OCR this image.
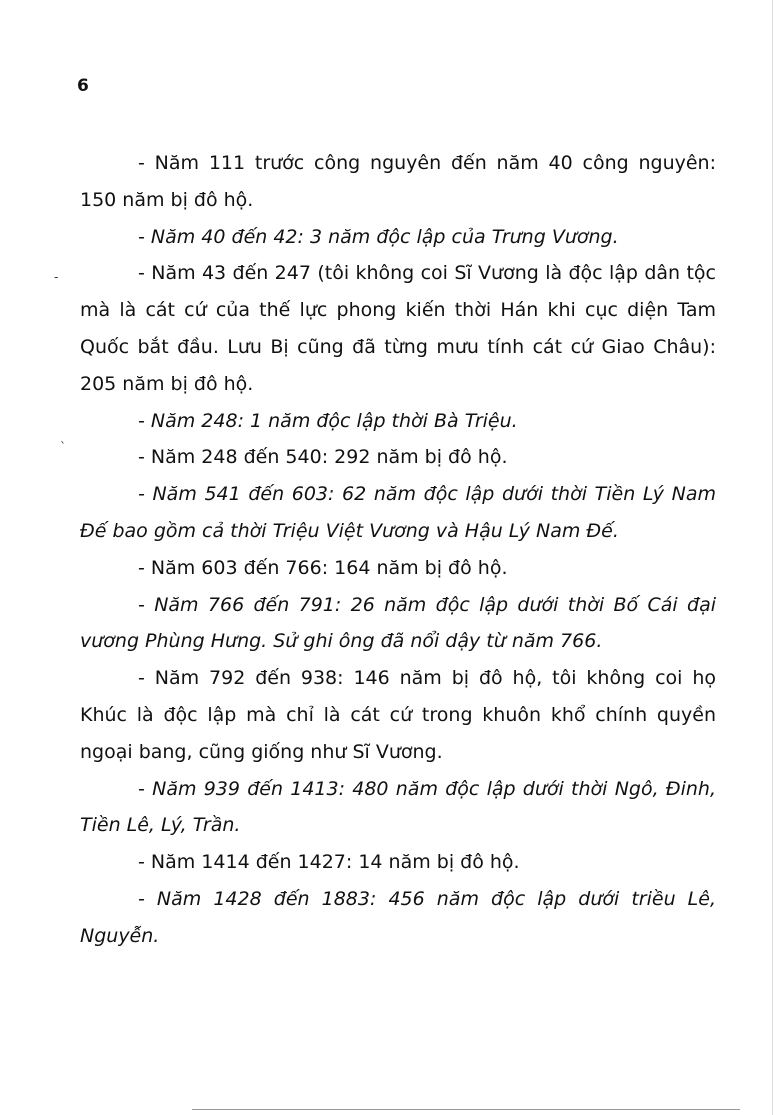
6

- Năm 111 trước công nguyên đến năm 40 công nguyên: 150 năm bị đô hộ.

- Năm 40 đến 42: 3 năm độc lập của Trưng Vương.

- Năm 43 đến 247 (tôi không coi Sĩ Vương là độc lập dân tộc mà là cát cứ của thế lực phong kiến thời Hán khi cục diện Tam Quốc bắt đầu. Lưu Bị cũng đã từng mưu tính cát cứ Giao Châu): 205 năm bị đô hộ.

- Năm 248: 1 năm độc lập thời Bà Triệu.

- Năm 248 đến 540: 292 năm bị đô hộ.

- Năm 541 đến 603: 62 năm độc lập dưới thời Tiền Lý Nam Đế bao gồm cả thời Triệu Việt Vương và Hậu Lý Nam Đế.

- Năm 603 đến 766: 164 năm bị đô hộ.

- Năm 766 đến 791: 26 năm độc lập dưới thời Bố Cái đại vương Phùng Hưng. Sử ghi ông đã nổi dậy từ năm 766.

- Năm 792 đến 938: 146 năm bị đô hộ, tôi không coi họ Khúc là độc lập mà chỉ là cát cứ trong khuôn khổ chính quyền ngoại bang, cũng giống như Sĩ Vương.

- Năm 939 đến 1413: 480 năm độc lập dưới thời Ngô, Đinh, Tiền Lê, Lý, Trần.

- Năm 1414 đến 1427: 14 năm bị đô hộ.

- Năm 1428 đến 1883: 456 năm độc lập dưới triều Lê, Nguyễn.

-
ˋ
